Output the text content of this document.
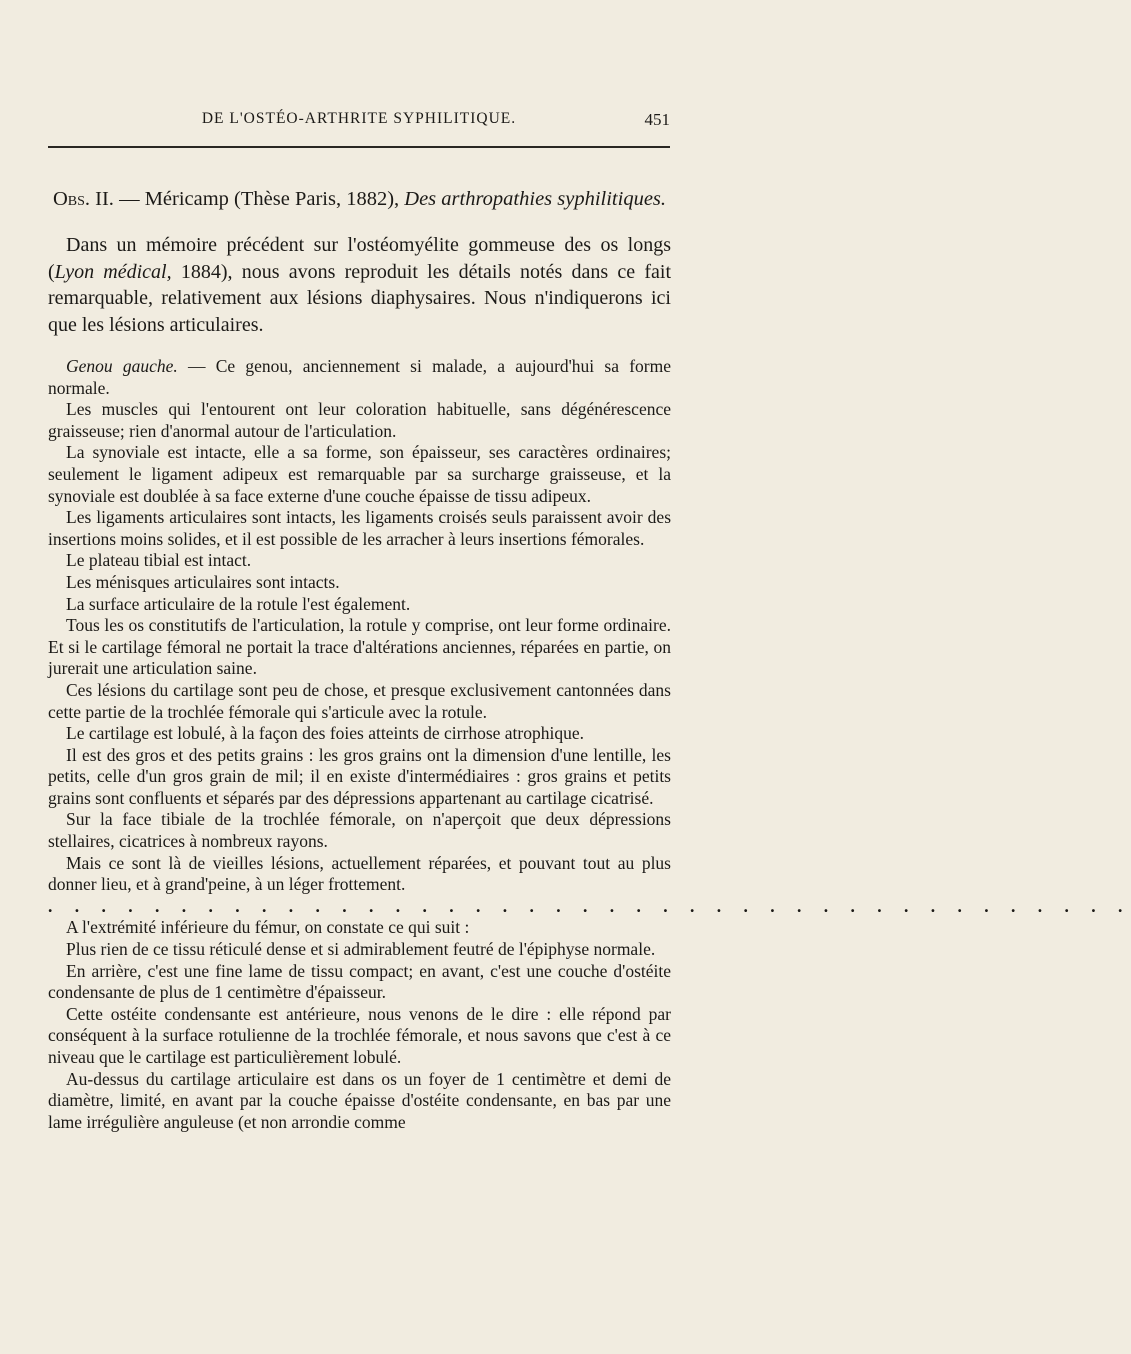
DE L'OSTÉO-ARTHRITE SYPHILITIQUE.	451
Obs. II. — Méricamp (Thèse Paris, 1882), Des arthropathies syphilitiques.
Dans un mémoire précédent sur l'ostéomyélite gommeuse des os longs (Lyon médical, 1884), nous avons reproduit les détails notés dans ce fait remarquable, relativement aux lésions diaphysaires. Nous n'indiquerons ici que les lésions articulaires.

Genou gauche. — Ce genou, anciennement si malade, a aujourd'hui sa forme normale.

Les muscles qui l'entourent ont leur coloration habituelle, sans dégénérescence graisseuse; rien d'anormal autour de l'articulation.

La synoviale est intacte, elle a sa forme, son épaisseur, ses caractères ordinaires; seulement le ligament adipeux est remarquable par sa surcharge graisseuse, et la synoviale est doublée à sa face externe d'une couche épaisse de tissu adipeux.

Les ligaments articulaires sont intacts, les ligaments croisés seuls paraissent avoir des insertions moins solides, et il est possible de les arracher à leurs insertions fémorales.

Le plateau tibial est intact.

Les ménisques articulaires sont intacts.

La surface articulaire de la rotule l'est également.

Tous les os constitutifs de l'articulation, la rotule y comprise, ont leur forme ordinaire. Et si le cartilage fémoral ne portait la trace d'altérations anciennes, réparées en partie, on jurerait une articulation saine.

Ces lésions du cartilage sont peu de chose, et presque exclusivement cantonnées dans cette partie de la trochlée fémorale qui s'articule avec la rotule.

Le cartilage est lobulé, à la façon des foies atteints de cirrhose atrophique.

Il est des gros et des petits grains : les gros grains ont la dimension d'une lentille, les petits, celle d'un gros grain de mil; il en existe d'intermédiaires : gros grains et petits grains sont confluents et séparés par des dépressions appartenant au cartilage cicatrisé.

Sur la face tibiale de la trochlée fémorale, on n'aperçoit que deux dépressions stellaires, cicatrices à nombreux rayons.

Mais ce sont là de vieilles lésions, actuellement réparées, et pouvant tout au plus donner lieu, et à grand'peine, à un léger frottement.

. . . . . . . . . . . . . . . . . . . . . . . . . . . . . . . . . . . . . . . . .

A l'extrémité inférieure du fémur, on constate ce qui suit :

Plus rien de ce tissu réticulé dense et si admirablement feutré de l'épiphyse normale.

En arrière, c'est une fine lame de tissu compact; en avant, c'est une couche d'ostéite condensante de plus de 1 centimètre d'épaisseur.

Cette ostéite condensante est antérieure, nous venons de le dire : elle répond par conséquent à la surface rotulienne de la trochlée fémorale, et nous savons que c'est à ce niveau que le cartilage est particulièrement lobulé.

Au-dessus du cartilage articulaire est dans os un foyer de 1 centimètre et demi de diamètre, limité, en avant par la couche épaisse d'ostéite condensante, en bas par une lame irrégulière anguleuse (et non arrondie comme
